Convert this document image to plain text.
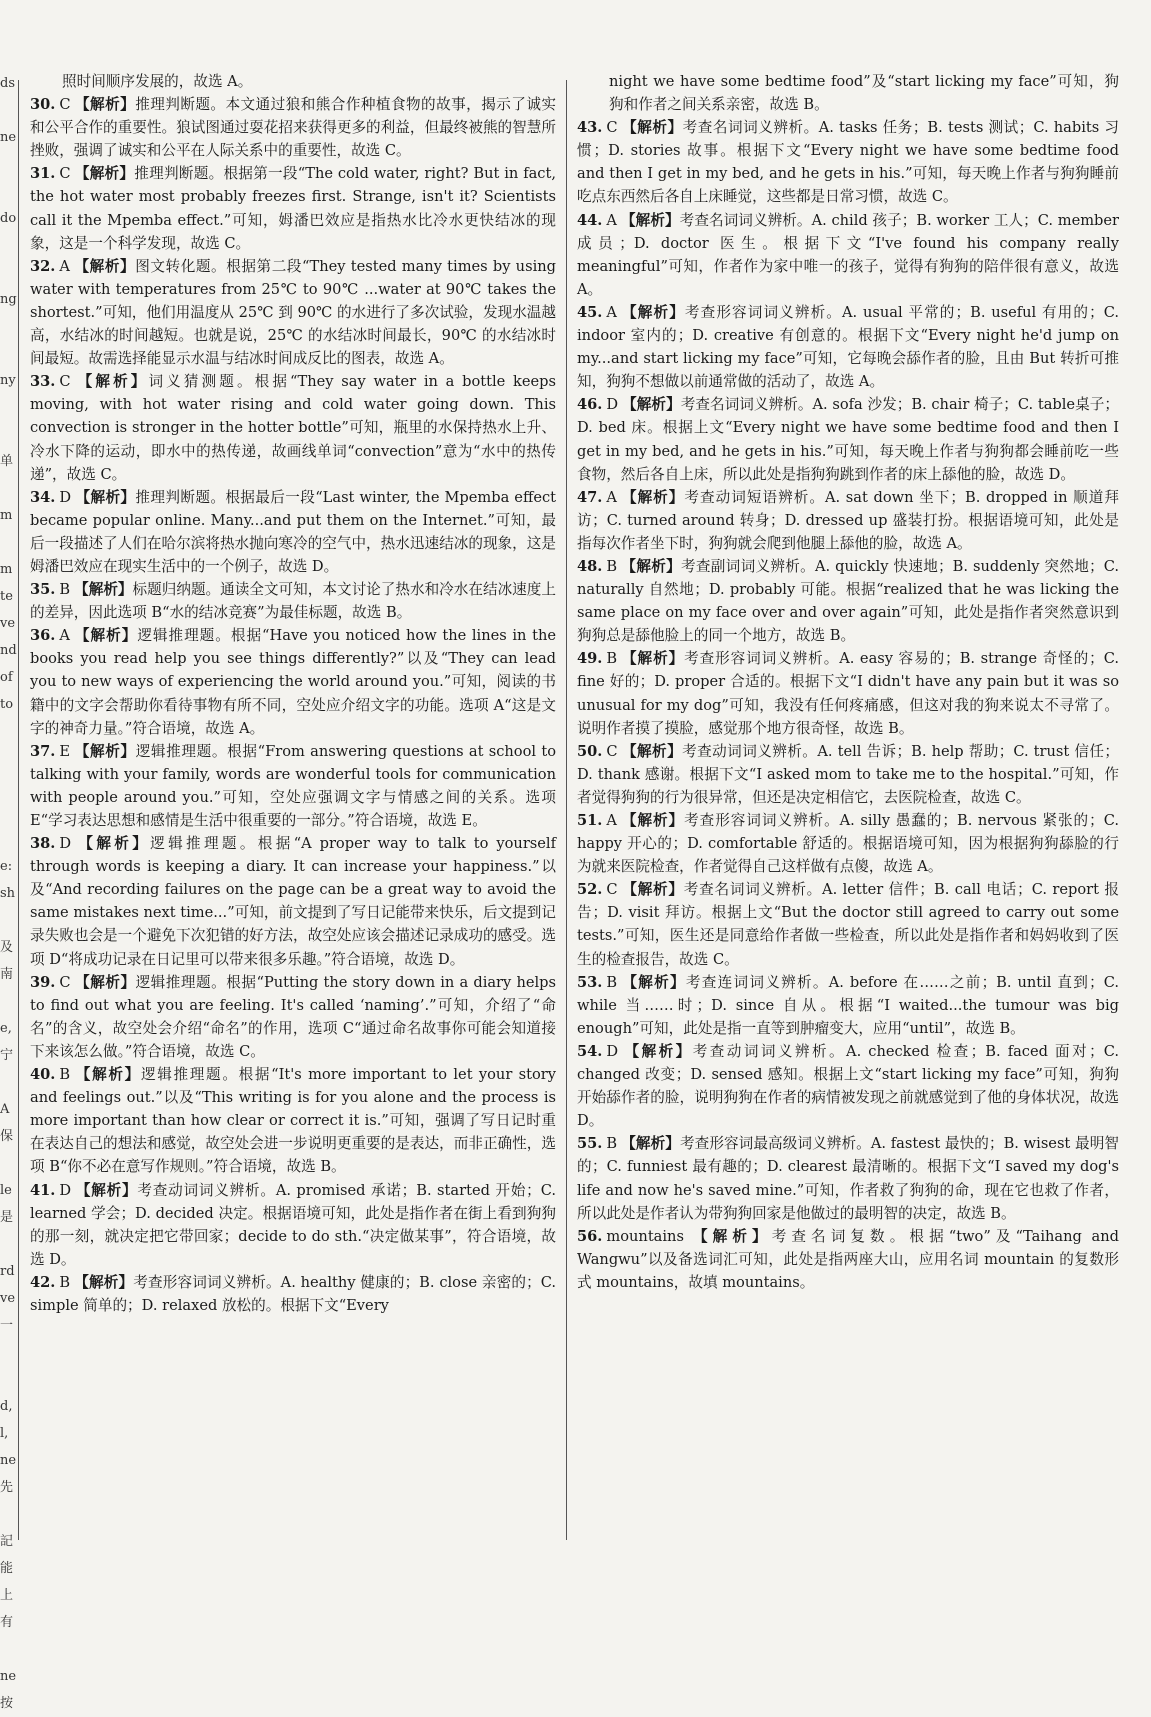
ds
ne
do
ng
ny
单
m
m
te
ve
nd
of
to
e:
sh
及
南
e,
宁
A
保
le
是
rd
ve
一
d,
l,
ne
先
記
能
上
有
ne
按

照时间顺序发展的，故选 A。

30. C 【解析】推理判断题。本文通过狼和熊合作种植食物的故事，揭示了诚实和公平合作的重要性。狼试图通过耍花招来获得更多的利益，但最终被熊的智慧所挫败，强调了诚实和公平在人际关系中的重要性，故选 C。

31. C 【解析】推理判断题。根据第一段“The cold water, right? But in fact, the hot water most probably freezes first. Strange, isn't it? Scientists call it the Mpemba effect.”可知，姆潘巴效应是指热水比冷水更快结冰的现象，这是一个科学发现，故选 C。

32. A 【解析】图文转化题。根据第二段“They tested many times by using water with temperatures from 25℃ to 90℃ ...water at 90℃ takes the shortest.”可知，他们用温度从 25℃ 到 90℃ 的水进行了多次试验，发现水温越高，水结冰的时间越短。也就是说，25℃ 的水结冰时间最长，90℃ 的水结冰时间最短。故需选择能显示水温与结冰时间成反比的图表，故选 A。

33. C 【解析】词义猜测题。根据“They say water in a bottle keeps moving, with hot water rising and cold water going down. This convection is stronger in the hotter bottle”可知，瓶里的水保持热水上升、冷水下降的运动，即水中的热传递，故画线单词“convection”意为“水中的热传递”，故选 C。

34. D 【解析】推理判断题。根据最后一段“Last winter, the Mpemba effect became popular online. Many...and put them on the Internet.”可知，最后一段描述了人们在哈尔滨将热水抛向寒冷的空气中，热水迅速结冰的现象，这是姆潘巴效应在现实生活中的一个例子，故选 D。

35. B 【解析】标题归纳题。通读全文可知，本文讨论了热水和冷水在结冰速度上的差异，因此选项 B“水的结冰竞赛”为最佳标题，故选 B。

36. A 【解析】逻辑推理题。根据“Have you noticed how the lines in the books you read help you see things differently?”以及“They can lead you to new ways of experiencing the world around you.”可知，阅读的书籍中的文字会帮助你看待事物有所不同，空处应介绍文字的功能。选项 A“这是文字的神奇力量。”符合语境，故选 A。

37. E 【解析】逻辑推理题。根据“From answering questions at school to talking with your family, words are wonderful tools for communication with people around you.”可知，空处应强调文字与情感之间的关系。选项 E“学习表达思想和感情是生活中很重要的一部分。”符合语境，故选 E。

38. D 【解析】逻辑推理题。根据“A proper way to talk to yourself through words is keeping a diary. It can increase your happiness.”以及“And recording failures on the page can be a great way to avoid the same mistakes next time...”可知，前文提到了写日记能带来快乐，后文提到记录失败也会是一个避免下次犯错的好方法，故空处应该会描述记录成功的感受。选项 D“将成功记录在日记里可以带来很多乐趣。”符合语境，故选 D。

39. C 【解析】逻辑推理题。根据“Putting the story down in a diary helps to find out what you are feeling. It's called ‘naming’.”可知，介绍了“命名”的含义，故空处会介绍“命名”的作用，选项 C“通过命名故事你可能会知道接下来该怎么做。”符合语境，故选 C。

40. B 【解析】逻辑推理题。根据“It's more important to let your story and feelings out.”以及“This writing is for you alone and the process is more important than how clear or correct it is.”可知，强调了写日记时重在表达自己的想法和感觉，故空处会进一步说明更重要的是表达，而非正确性，选项 B“你不必在意写作规则。”符合语境，故选 B。

41. D 【解析】考查动词词义辨析。A. promised 承诺；B. started 开始；C. learned 学会；D. decided 决定。根据语境可知，此处是指作者在街上看到狗狗的那一刻，就决定把它带回家；decide to do sth.“决定做某事”，符合语境，故选 D。

42. B 【解析】考查形容词词义辨析。A. healthy 健康的；B. close 亲密的；C. simple 简单的；D. relaxed 放松的。根据下文“Every

night we have some bedtime food”及“start licking my face”可知，狗狗和作者之间关系亲密，故选 B。

43. C 【解析】考查名词词义辨析。A. tasks 任务；B. tests 测试；C. habits 习惯；D. stories 故事。根据下文“Every night we have some bedtime food and then I get in my bed, and he gets in his.”可知，每天晚上作者与狗狗睡前吃点东西然后各自上床睡觉，这些都是日常习惯，故选 C。

44. A 【解析】考查名词词义辨析。A. child 孩子；B. worker 工人；C. member 成员；D. doctor 医生。根据下文“I've found his company really meaningful”可知，作者作为家中唯一的孩子，觉得有狗狗的陪伴很有意义，故选 A。

45. A 【解析】考查形容词词义辨析。A. usual 平常的；B. useful 有用的；C. indoor 室内的；D. creative 有创意的。根据下文“Every night he'd jump on my...and start licking my face”可知，它每晚会舔作者的脸，且由 But 转折可推知，狗狗不想做以前通常做的活动了，故选 A。

46. D 【解析】考查名词词义辨析。A. sofa 沙发；B. chair 椅子；C. table桌子；D. bed 床。根据上文“Every night we have some bedtime food and then I get in my bed, and he gets in his.”可知，每天晚上作者与狗狗都会睡前吃一些食物，然后各自上床，所以此处是指狗狗跳到作者的床上舔他的脸，故选 D。

47. A 【解析】考查动词短语辨析。A. sat down 坐下；B. dropped in 顺道拜访；C. turned around 转身；D. dressed up 盛装打扮。根据语境可知，此处是指每次作者坐下时，狗狗就会爬到他腿上舔他的脸，故选 A。

48. B 【解析】考查副词词义辨析。A. quickly 快速地；B. suddenly 突然地；C. naturally 自然地；D. probably 可能。根据“realized that he was licking the same place on my face over and over again”可知，此处是指作者突然意识到狗狗总是舔他脸上的同一个地方，故选 B。

49. B 【解析】考查形容词词义辨析。A. easy 容易的；B. strange 奇怪的；C. fine 好的；D. proper 合适的。根据下文“I didn't have any pain but it was so unusual for my dog”可知，我没有任何疼痛感，但这对我的狗来说太不寻常了。说明作者摸了摸脸，感觉那个地方很奇怪，故选 B。

50. C 【解析】考查动词词义辨析。A. tell 告诉；B. help 帮助；C. trust 信任；D. thank 感谢。根据下文“I asked mom to take me to the hospital.”可知，作者觉得狗狗的行为很异常，但还是决定相信它，去医院检查，故选 C。

51. A 【解析】考查形容词词义辨析。A. silly 愚蠢的；B. nervous 紧张的；C. happy 开心的；D. comfortable 舒适的。根据语境可知，因为根据狗狗舔脸的行为就来医院检查，作者觉得自己这样做有点傻，故选 A。

52. C 【解析】考查名词词义辨析。A. letter 信件；B. call 电话；C. report 报告；D. visit 拜访。根据上文“But the doctor still agreed to carry out some tests.”可知，医生还是同意给作者做一些检查，所以此处是指作者和妈妈收到了医生的检查报告，故选 C。

53. B 【解析】考查连词词义辨析。A. before 在……之前；B. until 直到；C. while 当……时；D. since 自从。根据“I waited...the tumour was big enough”可知，此处是指一直等到肿瘤变大，应用“until”，故选 B。

54. D 【解析】考查动词词义辨析。A. checked 检查；B. faced 面对；C. changed 改变；D. sensed 感知。根据上文“start licking my face”可知，狗狗开始舔作者的脸，说明狗狗在作者的病情被发现之前就感觉到了他的身体状况，故选 D。

55. B 【解析】考查形容词最高级词义辨析。A. fastest 最快的；B. wisest 最明智的；C. funniest 最有趣的；D. clearest 最清晰的。根据下文“I saved my dog's life and now he's saved mine.”可知，作者救了狗狗的命，现在它也救了作者，所以此处是作者认为带狗狗回家是他做过的最明智的决定，故选 B。

56. mountains 【解析】考查名词复数。根据“two”及“Taihang and Wangwu”以及备选词汇可知，此处是指两座大山，应用名词 mountain 的复数形式 mountains，故填 mountains。
